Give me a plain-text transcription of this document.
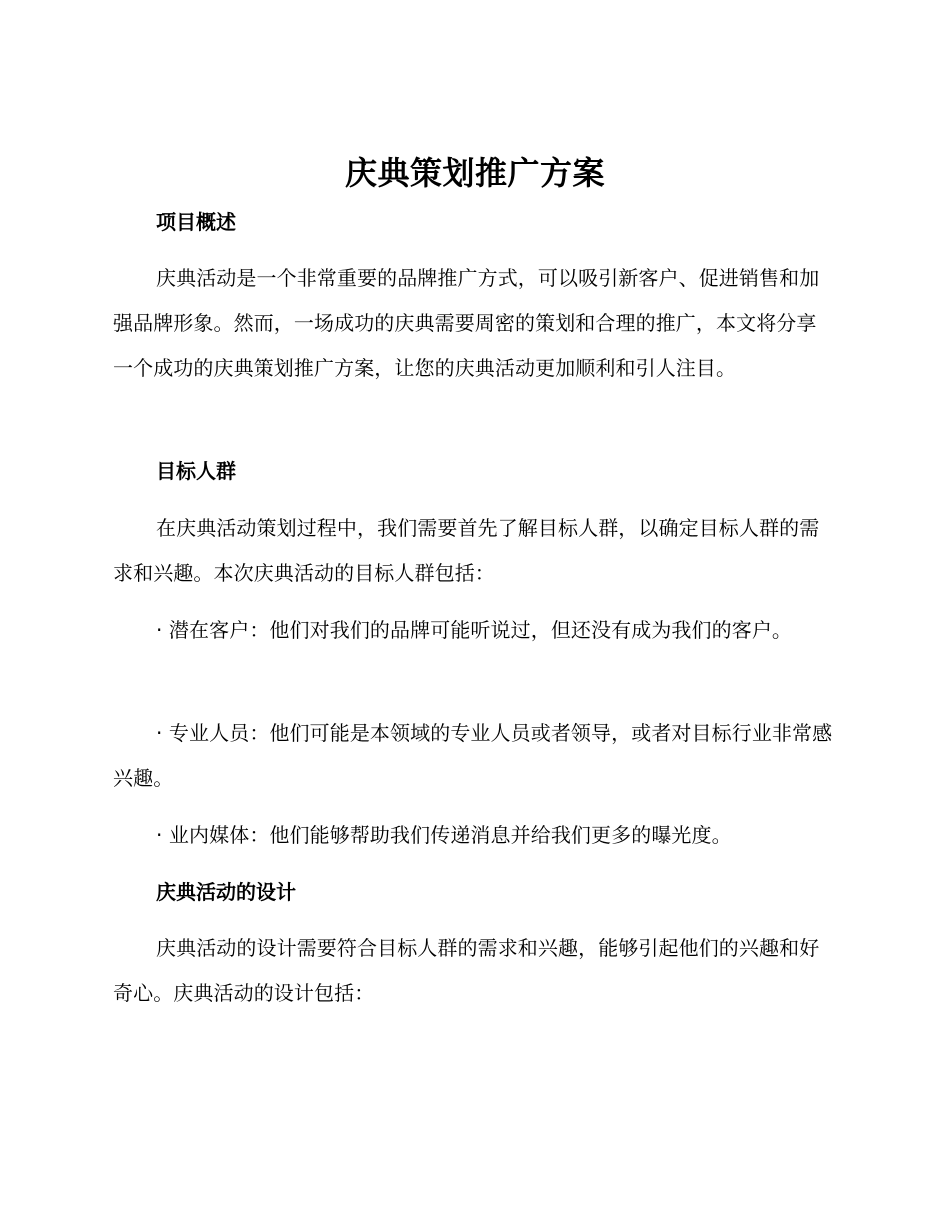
庆典策划推广方案
项目概述
庆典活动是一个非常重要的品牌推广方式，可以吸引新客户、促进销售和加强品牌形象。然而，一场成功的庆典需要周密的策划和合理的推广，本文将分享一个成功的庆典策划推广方案，让您的庆典活动更加顺利和引人注目。
目标人群
在庆典活动策划过程中，我们需要首先了解目标人群，以确定目标人群的需求和兴趣。本次庆典活动的目标人群包括：
· 潜在客户：他们对我们的品牌可能听说过，但还没有成为我们的客户。
· 专业人员：他们可能是本领域的专业人员或者领导，或者对目标行业非常感兴趣。
· 业内媒体：他们能够帮助我们传递消息并给我们更多的曝光度。
庆典活动的设计
庆典活动的设计需要符合目标人群的需求和兴趣，能够引起他们的兴趣和好奇心。庆典活动的设计包括：
